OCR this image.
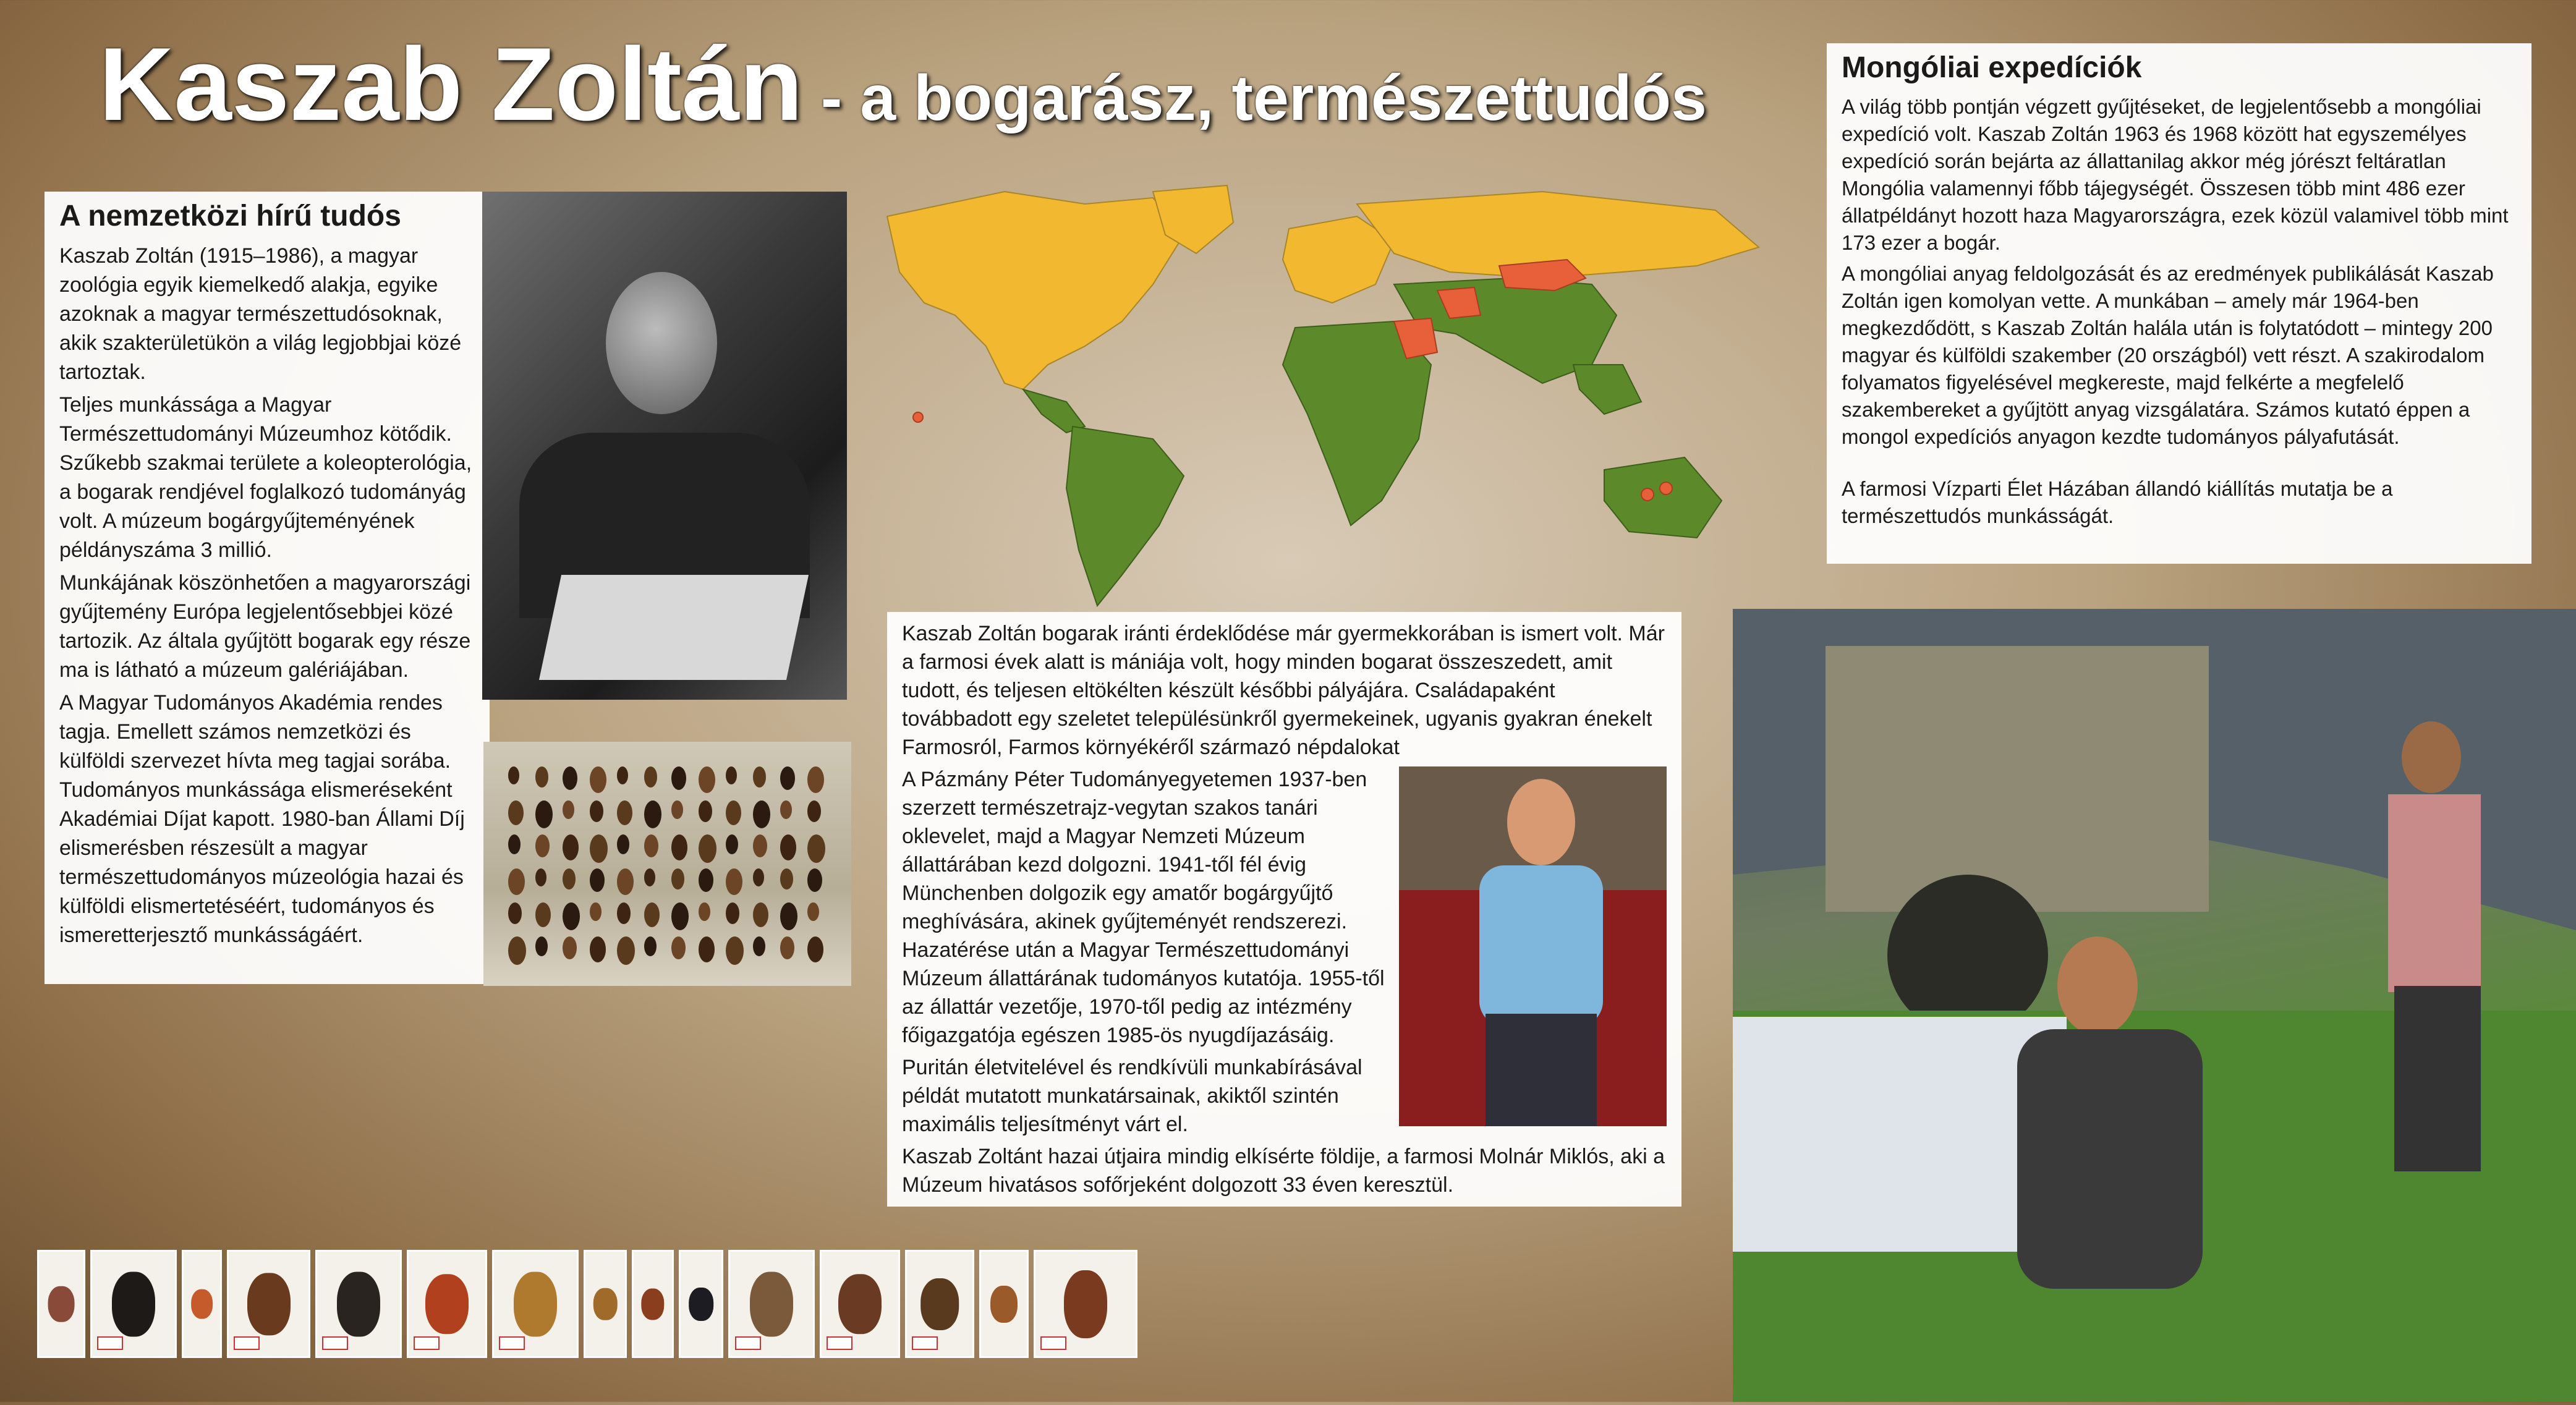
Kaszab Zoltán - a bogarász, természettudós
A nemzetközi hírű tudós

Kaszab Zoltán (1915–1986), a magyar zoológia egyik kiemelkedő alakja, egyike azoknak a magyar természettudósoknak, akik szakterületükön a világ legjobbjai közé tartoztak.

Teljes munkássága a Magyar Természettudományi Múzeumhoz kötődik. Szűkebb szakmai területe a koleopterológia, a bogarak rendjével foglalkozó tudományág volt. A múzeum bogárgyűjteményének példányszáma 3 millió.

Munkájának köszönhetően a magyarországi gyűjtemény Európa legjelentősebbjei közé tartozik. Az általa gyűjtött bogarak egy része ma is látható a múzeum galériájában.

A Magyar Tudományos Akadémia rendes tagja. Emellett számos nemzetközi és külföldi szervezet hívta meg tagjai sorába. Tudományos munkássága elismeréseként Akadémiai Díjat kapott. 1980-ban Állami Díj elismerésben részesült a magyar természettudományos múzeológia hazai és külföldi elismertetéséért, tudományos és ismeretterjesztő munkásságáért.

Kaszab Zoltán bogarak iránti érdeklődése már gyermekkorában is ismert volt. Már a farmosi évek alatt is mániája volt, hogy minden bogarat összeszedett, amit tudott, és teljesen eltökélten készült későbbi pályájára. Családapaként továbbadott egy szeletet településünkről gyermekeinek, ugyanis gyakran énekelt Farmosról, Farmos környékéről származó népdalokat

A Pázmány Péter Tudományegyetemen 1937-ben szerzett természetrajz-vegytan szakos tanári oklevelet, majd a Magyar Nemzeti Múzeum állattárában kezd dolgozni. 1941-től fél évig Münchenben dolgozik egy amatőr bogárgyűjtő meghívására, akinek gyűjteményét rendszerezi. Hazatérése után a Magyar Természettudományi Múzeum állattárának tudományos kutatója. 1955-től az állattár vezetője, 1970-től pedig az intézmény főigazgatója egészen 1985-ös nyugdíjazásáig.

Puritán életvitelével és rendkívüli munkabírásával példát mutatott munkatársainak, akiktől szintén maximális teljesítményt várt el.

Kaszab Zoltánt hazai útjaira mindig elkísérte földije, a farmosi Molnár Miklós, aki a Múzeum hivatásos sofőrjeként dolgozott 33 éven keresztül.

Mongóliai expedíciók

A világ több pontján végzett gyűjtéseket, de legjelentősebb a mongóliai expedíció volt. Kaszab Zoltán 1963 és 1968 között hat egyszemélyes expedíció során bejárta az állattanilag akkor még jórészt feltáratlan Mongólia valamennyi főbb tájegységét. Összesen több mint 486 ezer állatpéldányt hozott haza Magyarországra, ezek közül valamivel több mint 173 ezer a bogár.

A mongóliai anyag feldolgozását és az eredmények publikálását Kaszab Zoltán igen komolyan vette. A munkában – amely már 1964-ben megkezdődött, s Kaszab Zoltán halála után is folytatódott – mintegy 200 magyar és külföldi szakember (20 országból) vett részt. A szakirodalom folyamatos figyelésével megkereste, majd felkérte a megfelelő szakembereket a gyűjtött anyag vizsgálatára. Számos kutató éppen a mongol expedíciós anyagon kezdte tudományos pályafutását.

A farmosi Vízparti Élet Házában állandó kiállítás mutatja be a természettudós munkásságát.
